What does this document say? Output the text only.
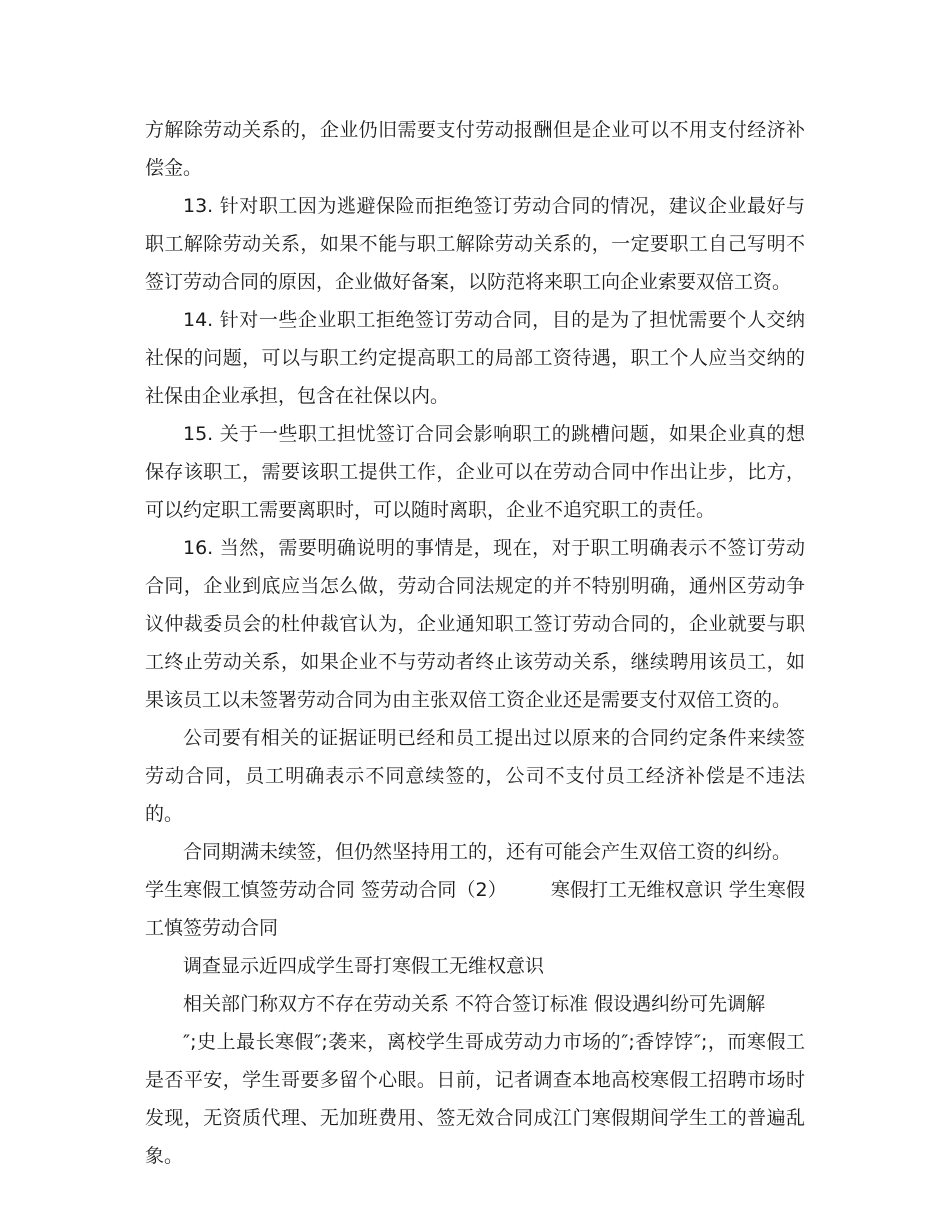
方解除劳动关系的，企业仍旧需要支付劳动报酬但是企业可以不用支付经济补偿金。

13. 针对职工因为逃避保险而拒绝签订劳动合同的情况，建议企业最好与职工解除劳动关系，如果不能与职工解除劳动关系的，一定要职工自己写明不签订劳动合同的原因，企业做好备案，以防范将来职工向企业索要双倍工资。

14. 针对一些企业职工拒绝签订劳动合同，目的是为了担忧需要个人交纳社保的问题，可以与职工约定提高职工的局部工资待遇，职工个人应当交纳的社保由企业承担，包含在社保以内。

15. 关于一些职工担忧签订合同会影响职工的跳槽问题，如果企业真的想保存该职工，需要该职工提供工作，企业可以在劳动合同中作出让步，比方，可以约定职工需要离职时，可以随时离职，企业不追究职工的责任。

16. 当然，需要明确说明的事情是，现在，对于职工明确表示不签订劳动合同，企业到底应当怎么做，劳动合同法规定的并不特别明确，通州区劳动争议仲裁委员会的杜仲裁官认为，企业通知职工签订劳动合同的，企业就要与职工终止劳动关系，如果企业不与劳动者终止该劳动关系，继续聘用该员工，如果该员工以未签署劳动合同为由主张双倍工资企业还是需要支付双倍工资的。

公司要有相关的证据证明已经和员工提出过以原来的合同约定条件来续签劳动合同，员工明确表示不同意续签的，公司不支付员工经济补偿是不违法的。

合同期满未续签，但仍然坚持用工的，还有可能会产生双倍工资的纠纷。

学生寒假工慎签劳动合同 签劳动合同（2） 寒假打工无维权意识 学生寒假工慎签劳动合同

调查显示近四成学生哥打寒假工无维权意识

相关部门称双方不存在劳动关系 不符合签订标准 假设遇纠纷可先调解

″;史上最长寒假″;袭来，离校学生哥成劳动力市场的″;香饽饽″;，而寒假工是否平安，学生哥要多留个心眼。日前，记者调查本地高校寒假工招聘市场时发现，无资质代理、无加班费用、签无效合同成江门寒假期间学生工的普遍乱象。
